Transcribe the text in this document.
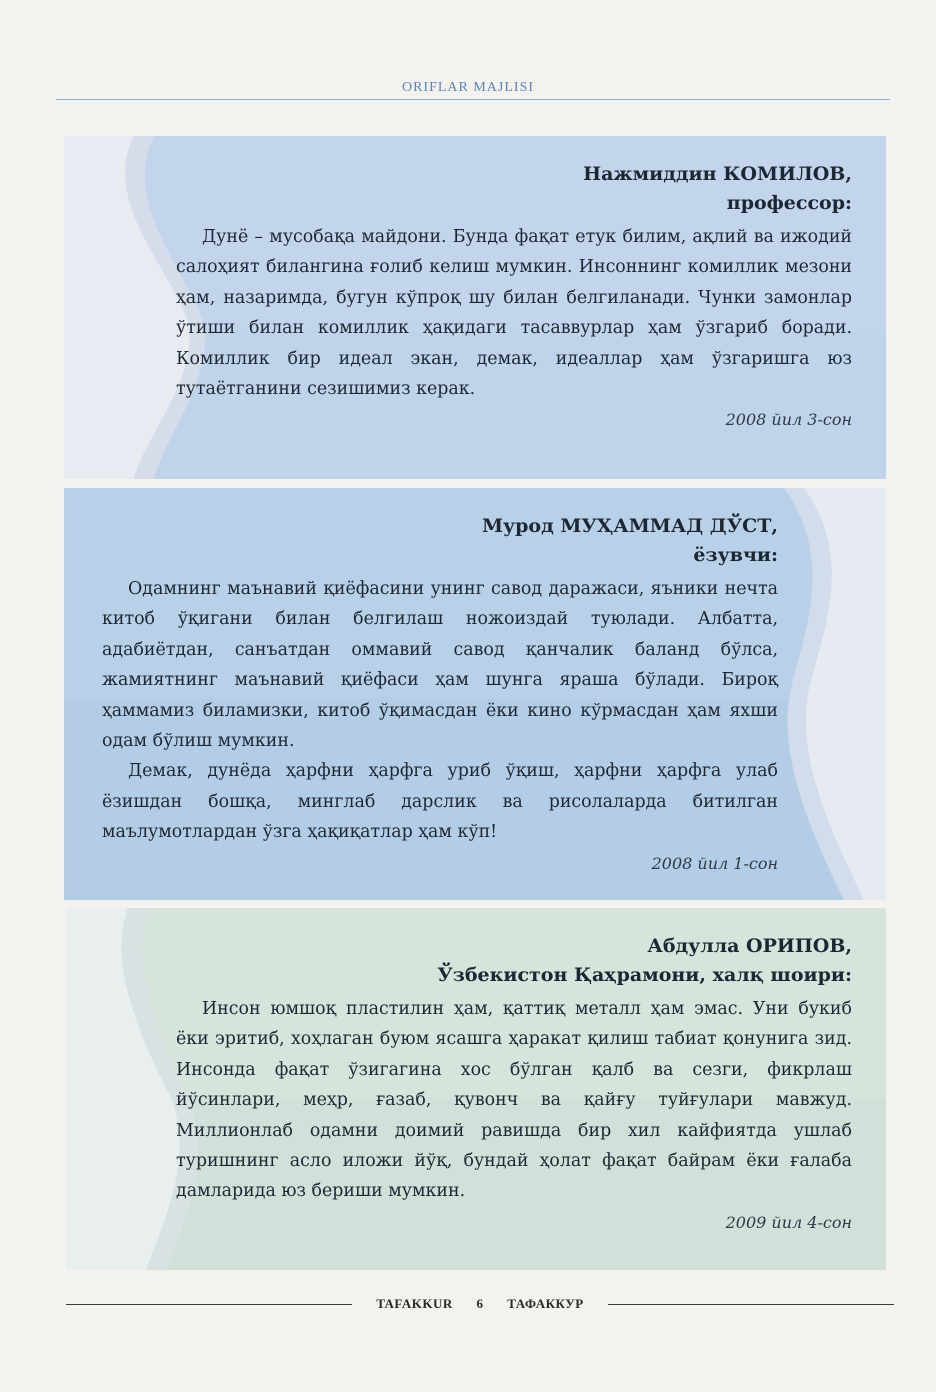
ORIFLAR MAJLISI
Нажмиддин КОМИЛОВ,
профессор:

Дунё – мусобақа майдони. Бунда фақат етук билим, ақлий ва ижодий салоҳият билангина ғолиб келиш мумкин. Инсоннинг комиллик мезони ҳам, назаримда, бугун кўпроқ шу билан белгиланади. Чунки замонлар ўтиши билан комиллик ҳақидаги тасаввурлар ҳам ўзгариб боради. Комиллик бир идеал экан, демак, идеаллар ҳам ўзгаришга юз тутаётганини сезишимиз керак.

2008 йил 3-сон
Мурод МУҲАММАД ДЎСТ,
ёзувчи:

Одамнинг маънавий қиёфасини унинг савод даражаси, яъники нечта китоб ўқигани билан белгилаш ножоиздай туюлади. Албатта, адабиётдан, санъатдан оммавий савод қанчалик баланд бўлса, жамиятнинг маънавий қиёфаси ҳам шунга яраша бўлади. Бироқ ҳаммамиз биламизки, китоб ўқимасдан ёки кино кўрмасдан ҳам яхши одам бўлиш мумкин.

Демак, дунёда ҳарфни ҳарфга уриб ўқиш, ҳарфни ҳарфга улаб ёзишдан бошқа, минглаб дарслик ва рисолаларда битилган маълумотлардан ўзга ҳақиқатлар ҳам кўп!

2008 йил 1-сон
Абдулла ОРИПОВ,
Ўзбекистон Қаҳрамони, халқ шоири:

Инсон юмшоқ пластилин ҳам, қаттиқ металл ҳам эмас. Уни букиб ёки эритиб, хоҳлаган буюм ясашга ҳаракат қилиш табиат қонунига зид. Инсонда фақат ўзигагина хос бўлган қалб ва сезги, фикрлаш йўсинлари, меҳр, ғазаб, қувонч ва қайғу туйғулари мавжуд. Миллионлаб одамни доимий равишда бир хил кайфиятда ушлаб туришнинг асло иложи йўқ, бундай ҳолат фақат байрам ёки ғалаба дамларида юз бериши мумкин.

2009 йил 4-сон
TAFAKKUR 6 ТАФАККУР
